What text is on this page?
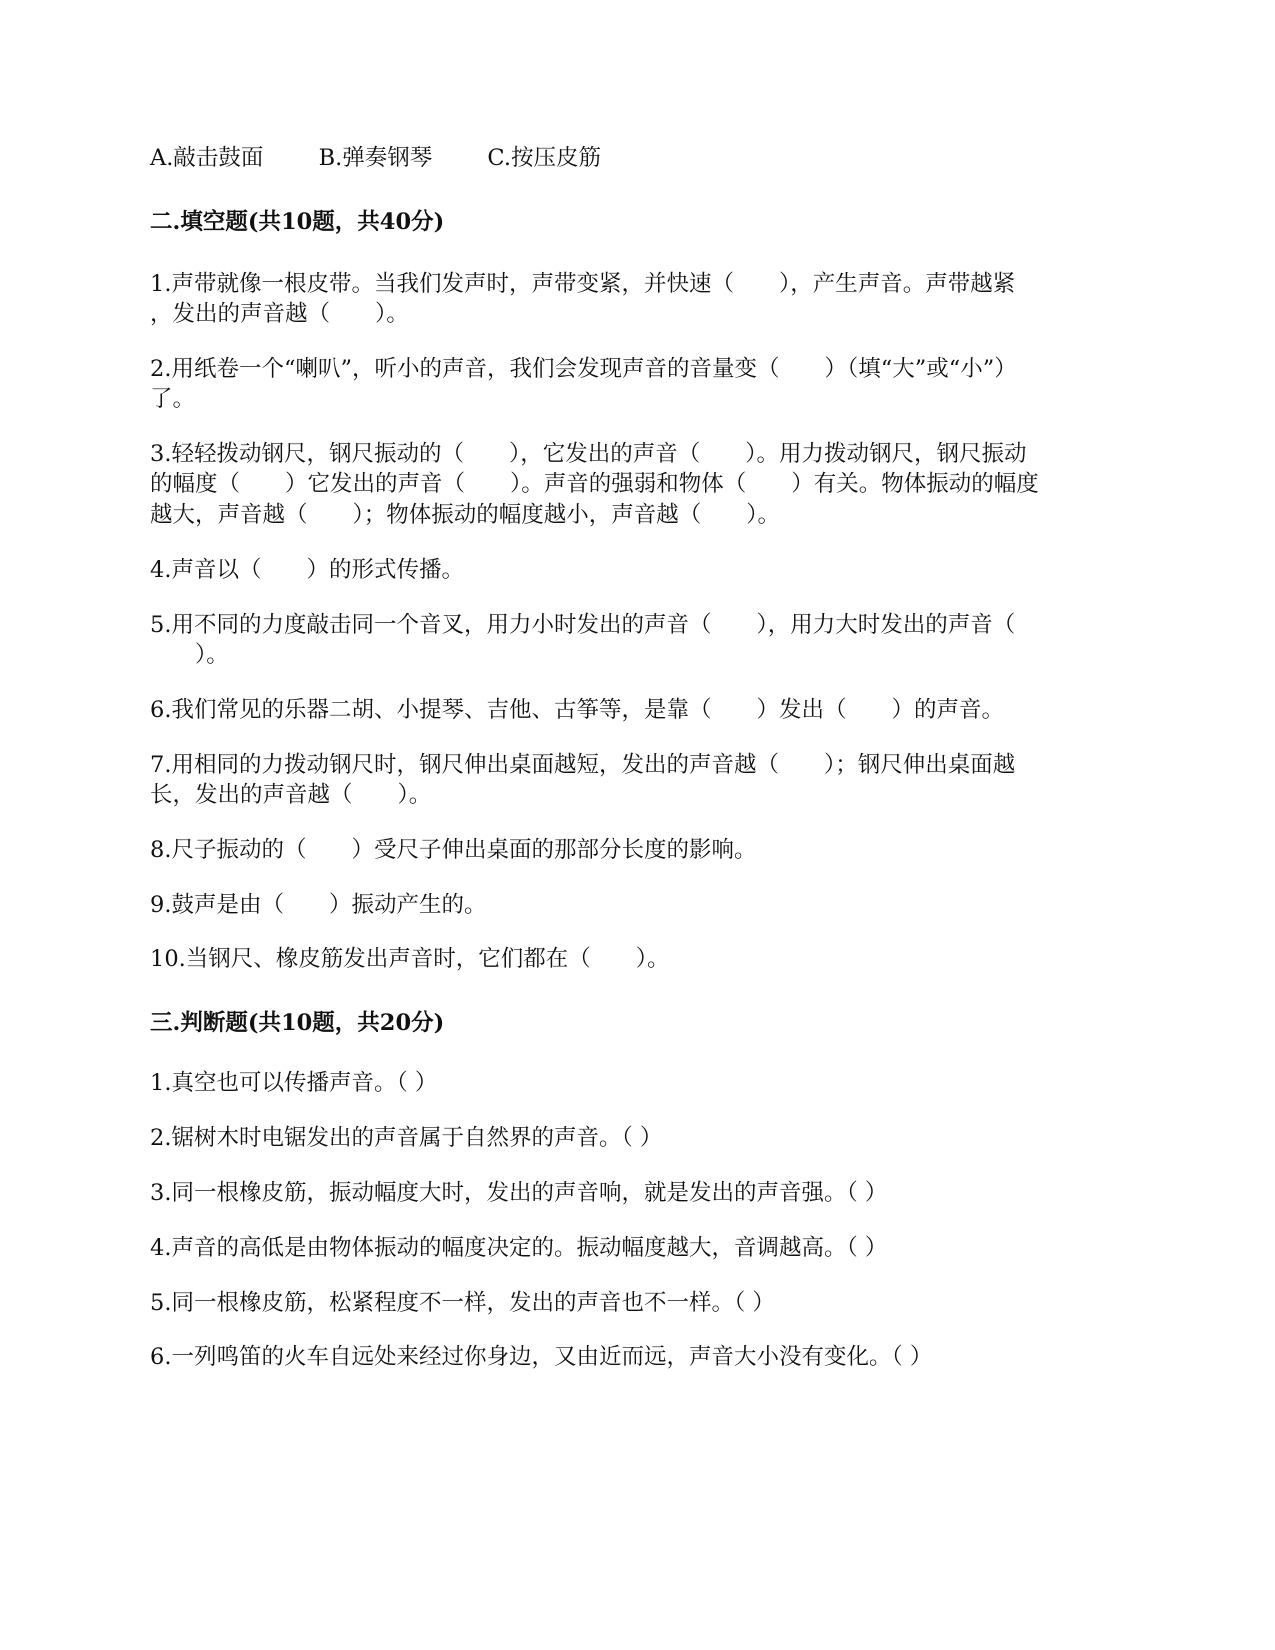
A.敲击鼓面 B.弹奏钢琴 C.按压皮筋
二.填空题(共10题，共40分)
1.声带就像一根皮带。当我们发声时，声带变紧，并快速（　　），产生声音。声带越紧
，发出的声音越（　　）。
2.用纸卷一个“喇叭”，听小的声音，我们会发现声音的音量变（　　）（填“大”或“小”）
了。
3.轻轻拨动钢尺，钢尺振动的（　　），它发出的声音（　　）。用力拨动钢尺，钢尺振动
的幅度（　　）它发出的声音（　　）。声音的强弱和物体（　　）有关。物体振动的幅度
越大，声音越（　　）；物体振动的幅度越小，声音越（　　）。
4.声音以（　　）的形式传播。
5.用不同的力度敲击同一个音叉，用力小时发出的声音（　　），用力大时发出的声音（
　　）。
6.我们常见的乐器二胡、小提琴、吉他、古筝等，是靠（　　）发出（　　）的声音。
7.用相同的力拨动钢尺时，钢尺伸出桌面越短，发出的声音越（　　）；钢尺伸出桌面越
长，发出的声音越（　　）。
8.尺子振动的（　　）受尺子伸出桌面的那部分长度的影响。
9.鼓声是由（　　）振动产生的。
10.当钢尺、橡皮筋发出声音时，它们都在（　　）。
三.判断题(共10题，共20分)
1.真空也可以传播声音。（ ）
2.锯树木时电锯发出的声音属于自然界的声音。（ ）
3.同一根橡皮筋，振动幅度大时，发出的声音响，就是发出的声音强。（ ）
4.声音的高低是由物体振动的幅度决定的。振动幅度越大，音调越高。（ ）
5.同一根橡皮筋，松紧程度不一样，发出的声音也不一样。（ ）
6.一列鸣笛的火车自远处来经过你身边，又由近而远，声音大小没有变化。（ ）
